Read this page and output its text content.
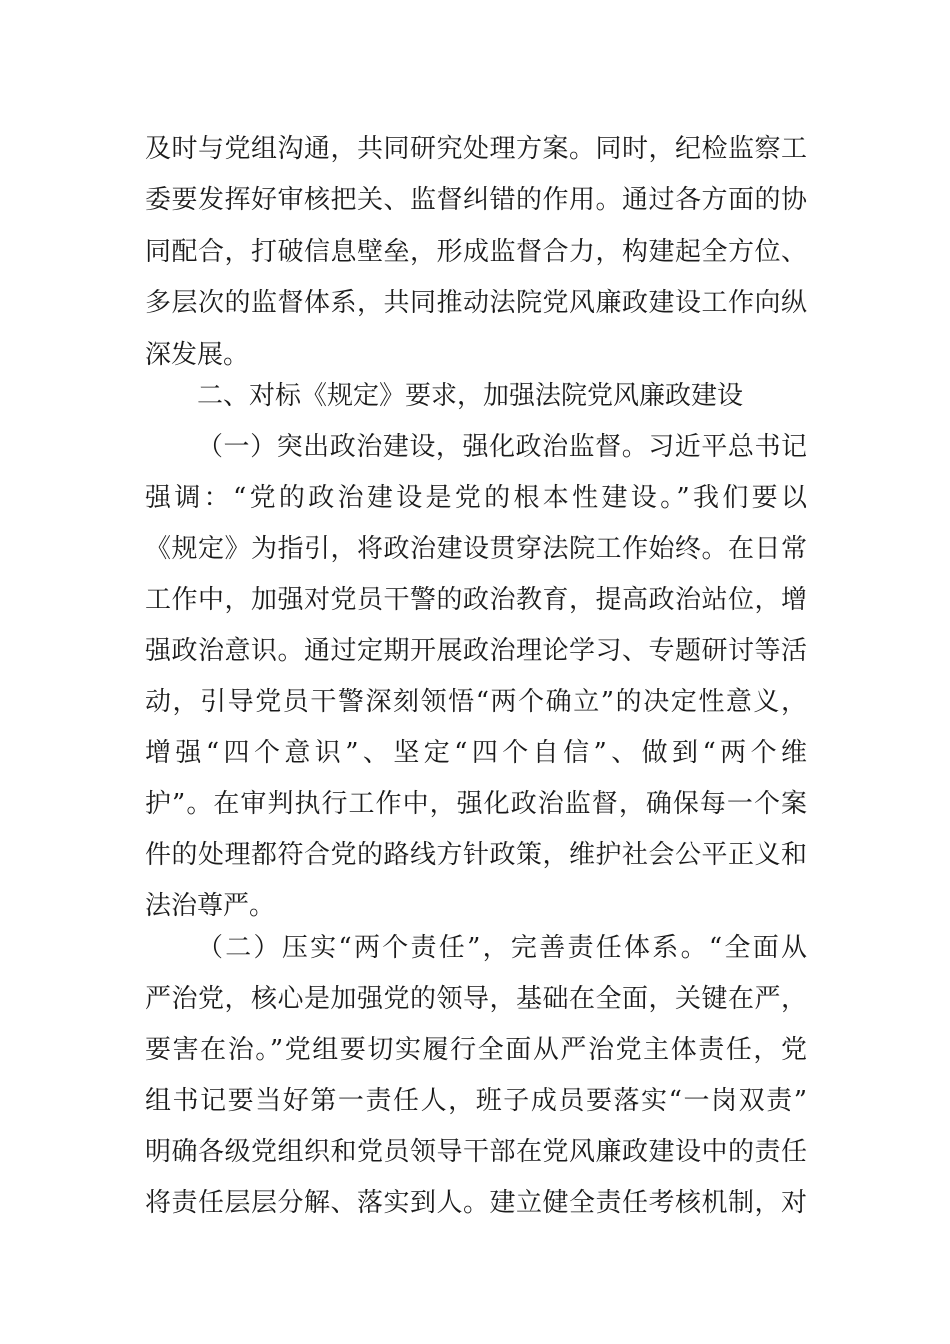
及时与党组沟通，共同研究处理方案。同时，纪检监察工
委要发挥好审核把关、监督纠错的作用。通过各方面的协
同配合，打破信息壁垒，形成监督合力，构建起全方位、
多层次的监督体系，共同推动法院党风廉政建设工作向纵
深发展。
二、对标《规定》要求，加强法院党风廉政建设
（一）突出政治建设，强化政治监督。习近平总书记
强调：“党的政治建设是党的根本性建设。”我们要以
《规定》为指引，将政治建设贯穿法院工作始终。在日常
工作中，加强对党员干警的政治教育，提高政治站位，增
强政治意识。通过定期开展政治理论学习、专题研讨等活
动，引导党员干警深刻领悟“两个确立”的决定性意义，
增强“四个意识”、坚定“四个自信”、做到“两个维
护”。在审判执行工作中，强化政治监督，确保每一个案
件的处理都符合党的路线方针政策，维护社会公平正义和
法治尊严。
（二）压实“两个责任”，完善责任体系。“全面从
严治党，核心是加强党的领导，基础在全面，关键在严，
要害在治。”党组要切实履行全面从严治党主体责任，党
组书记要当好第一责任人，班子成员要落实“一岗双责”
明确各级党组织和党员领导干部在党风廉政建设中的责任
将责任层层分解、落实到人。建立健全责任考核机制，对
